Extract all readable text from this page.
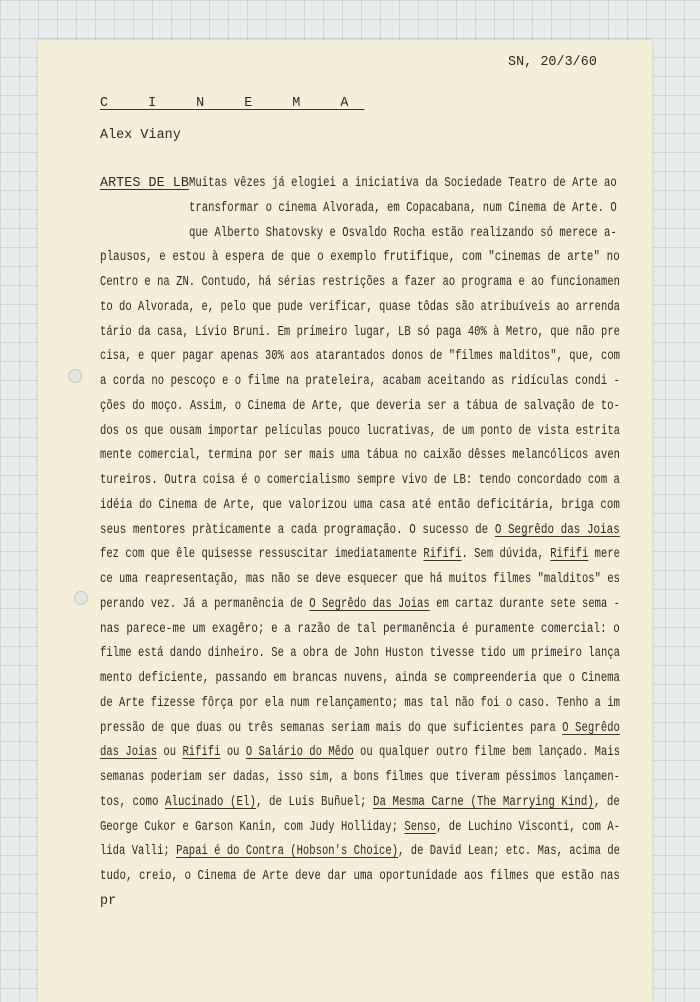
SN, 20/3/60
C I N E M A
Alex Viany
ARTES DE LB Muitas vêzes já elogiei a iniciativa da Sociedade Teatro de Arte ao
transformar o cinema Alvorada, em Copacabana, num Cinema de Arte. O
que Alberto Shatovsky e Osvaldo Rocha estão realizando só merece a-
plausos, e estou à espera de que o exemplo frutifique, com "cinemas de arte" no
Centro e na ZN. Contudo, há sérias restrições a fazer ao programa e ao funcionamen
to do Alvorada, e, pelo que pude verificar, quase tôdas são atribuíveis ao arrenda
tário da casa, Lívio Bruni. Em primeiro lugar, LB só paga 40% à Metro, que não pre
cisa, e quer pagar apenas 30% aos atarantados donos de "filmes malditos", que, com
a corda no pescoço e o filme na prateleira, acabam aceitando as ridículas condi -
ções do moço. Assim, o Cinema de Arte, que deveria ser a tábua de salvação de to-
dos os que ousam importar películas pouco lucrativas, de um ponto de vista estrita
mente comercial, termina por ser mais uma tábua no caixão dêsses melancólicos aven
tureiros. Outra coisa é o comercialismo sempre vivo de LB: tendo concordado com a
idéia do Cinema de Arte, que valorizou uma casa até então deficitária, briga com
seus mentores pràticamente a cada programação. O sucesso de O Segrêdo das Joias
fez com que êle quisesse ressuscitar imediatamente Rififi. Sem dúvida, Rififi mere
ce uma reapresentação, mas não se deve esquecer que há muitos filmes "malditos" es
perando vez. Já a permanência de O Segrêdo das Joias em cartaz durante sete sema -
nas parece-me um exagêro; e a razão de tal permanência é puramente comercial: o
filme está dando dinheiro. Se a obra de John Huston tivesse tido um primeiro lança
mento deficiente, passando em brancas nuvens, ainda se compreenderia que o Cinema
de Arte fizesse fôrça por ela num relançamento; mas tal não foi o caso. Tenho a im
pressão de que duas ou três semanas seriam mais do que suficientes para O Segrêdo
das Joias ou Rififi ou O Salário do Mêdo ou qualquer outro filme bem lançado. Mais
semanas poderiam ser dadas, isso sim, a bons filmes que tiveram péssimos lançamen-
tos, como Alucinado (El), de Luis Buñuel; Da Mesma Carne (The Marrying Kind), de
George Cukor e Garson Kanin, com Judy Holliday; Senso, de Luchino Visconti, com A-
lida Valli; Papai é do Contra (Hobson's Choice), de David Lean; etc. Mas, acima de
tudo, creio, o Cinema de Arte deve dar uma oportunidade aos filmes que estão nas
pr
